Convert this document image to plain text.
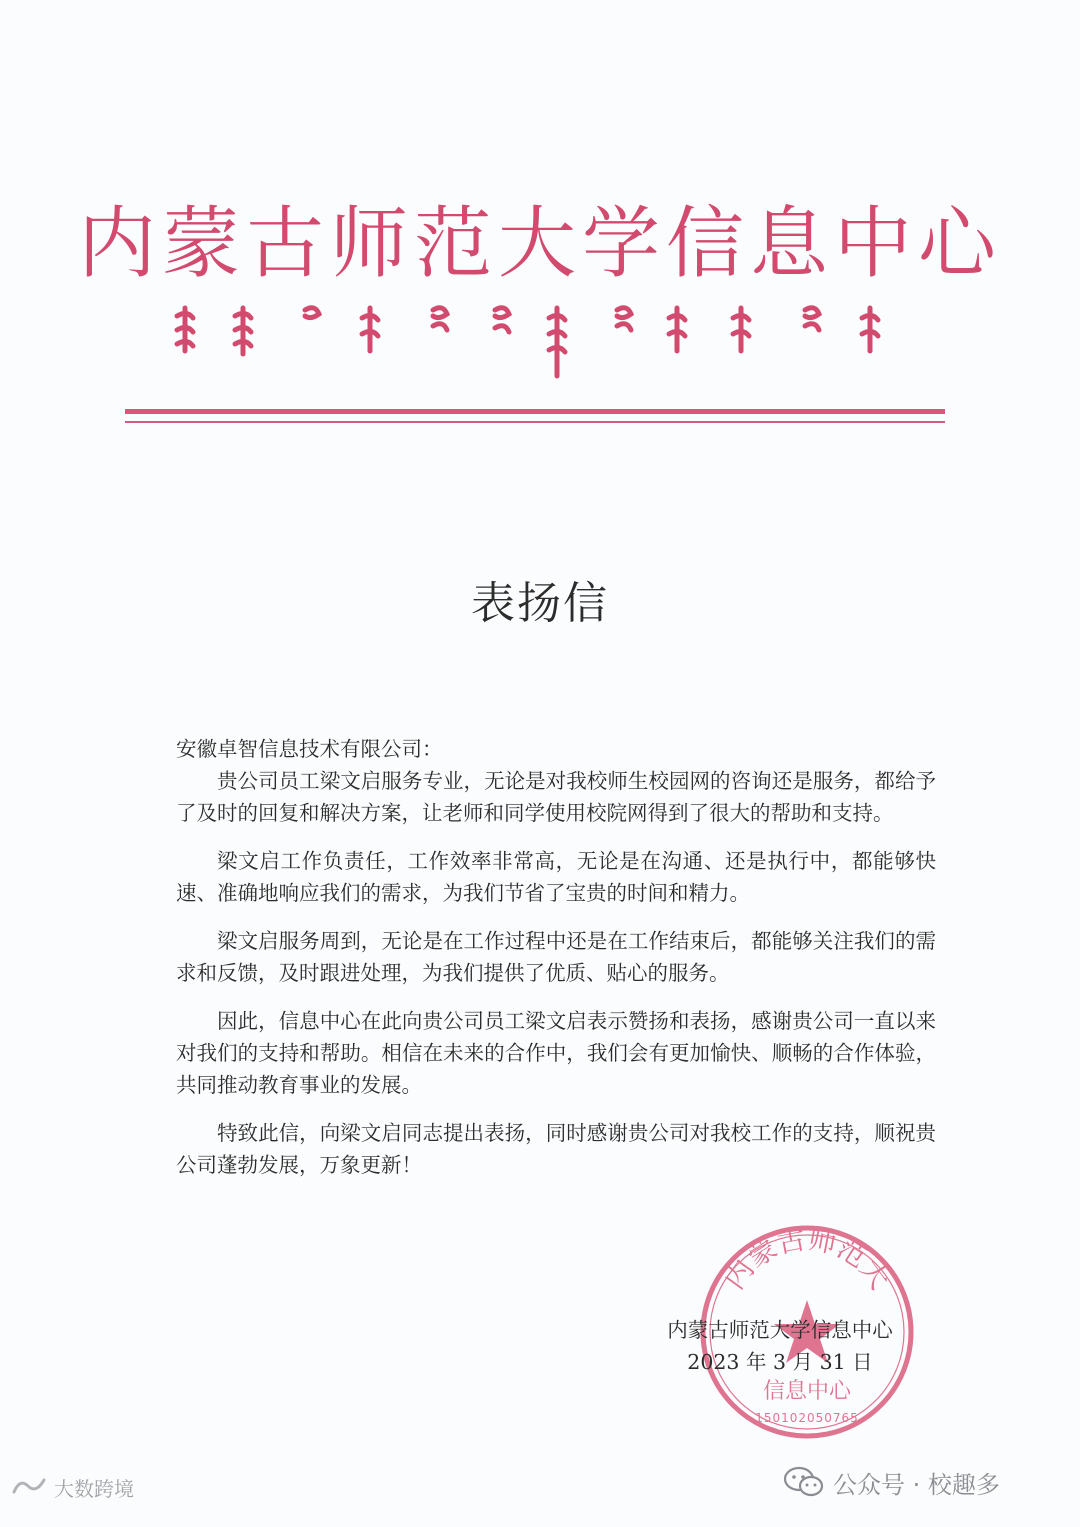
内蒙古师范大学信息中心
表扬信

安徽卓智信息技术有限公司：

贵公司员工梁文启服务专业，无论是对我校师生校园网的咨询还是服务，都给予了及时的回复和解决方案，让老师和同学使用校院网得到了很大的帮助和支持。

梁文启工作负责任，工作效率非常高，无论是在沟通、还是执行中，都能够快速、准确地响应我们的需求，为我们节省了宝贵的时间和精力。

梁文启服务周到，无论是在工作过程中还是在工作结束后，都能够关注我们的需求和反馈，及时跟进处理，为我们提供了优质、贴心的服务。

因此，信息中心在此向贵公司员工梁文启表示赞扬和表扬，感谢贵公司一直以来对我们的支持和帮助。相信在未来的合作中，我们会有更加愉快、顺畅的合作体验，共同推动教育事业的发展。

特致此信，向梁文启同志提出表扬，同时感谢贵公司对我校工作的支持，顺祝贵公司蓬勃发展，万象更新！

内蒙古师范大
信息中心
150102050765
内蒙古师范大学信息中心
2023 年 3 月 31 日
大数跨境	公众号 · 校趣多
